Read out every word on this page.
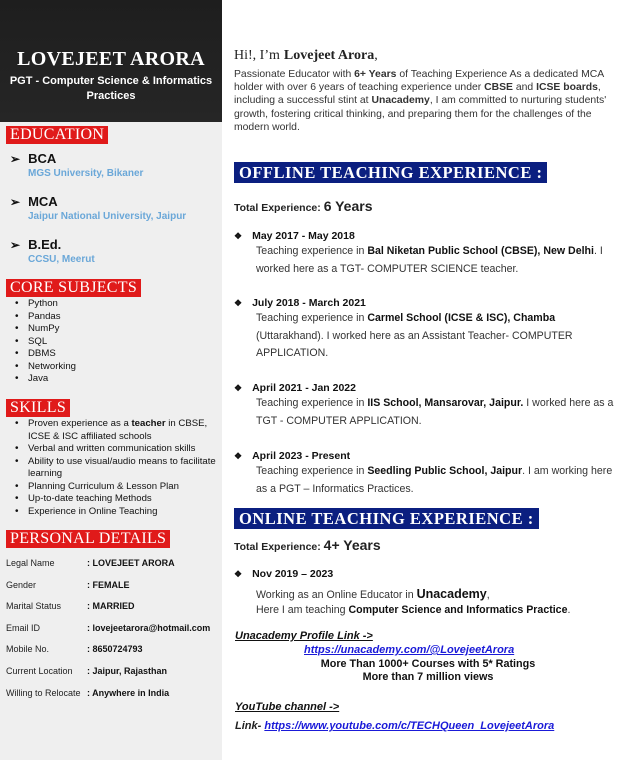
LOVEJEET ARORA
PGT - Computer Science & Informatics Practices
EDUCATION
➢ BCA
MGS University, Bikaner
➢ MCA
Jaipur National University, Jaipur
➢ B.Ed.
CCSU, Meerut
CORE SUBJECTS
• Python
• Pandas
• NumPy
• SQL
• DBMS
• Networking
• Java
SKILLS
• Proven experience as a teacher in CBSE, ICSE & ISC affiliated schools
• Verbal and written communication skills
• Ability to use visual/audio means to facilitate learning
• Planning Curriculum & Lesson Plan
• Up-to-date teaching Methods
• Experience in Online Teaching
PERSONAL DETAILS
Legal Name	: LOVEJEET ARORA
Gender	: FEMALE
Marital Status	: MARRIED
Email ID	: lovejeetarora@hotmail.com
Mobile No.	: 8650724793
Current Location : Jaipur, Rajasthan
Willing to Relocate : Anywhere in India
Hi!, I’m Lovejeet Arora,
Passionate Educator with 6+ Years of Teaching Experience As a dedicated MCA holder with over 6 years of teaching experience under CBSE and ICSE boards, including a successful stint at Unacademy, I am committed to nurturing students' growth, fostering critical thinking, and preparing them for the challenges of the modern world.
OFFLINE TEACHING EXPERIENCE :
Total Experience: 6 Years
❖ May 2017 - May 2018
Teaching experience in Bal Niketan Public School (CBSE), New Delhi. I worked here as a TGT- COMPUTER SCIENCE teacher.
❖ July 2018 - March 2021
Teaching experience in Carmel School (ICSE & ISC), Chamba (Uttarakhand). I worked here as an Assistant Teacher- COMPUTER APPLICATION.
❖ April 2021 - Jan 2022
Teaching experience in IIS School, Mansarovar, Jaipur. I worked here as a TGT - COMPUTER APPLICATION.
❖ April 2023 - Present
Teaching experience in Seedling Public School, Jaipur. I am working here as a PGT – Informatics Practices.
ONLINE TEACHING EXPERIENCE :
Total Experience: 4+ Years
❖ Nov 2019 – 2023
Working as an Online Educator in Unacademy,
Here I am teaching Computer Science and Informatics Practice.
Unacademy Profile Link ->
https://unacademy.com/@LovejeetArora
More Than 1000+ Courses with 5* Ratings
More than 7 million views
YouTube channel ->
Link- https://www.youtube.com/c/TECHQueen_LovejeetArora
